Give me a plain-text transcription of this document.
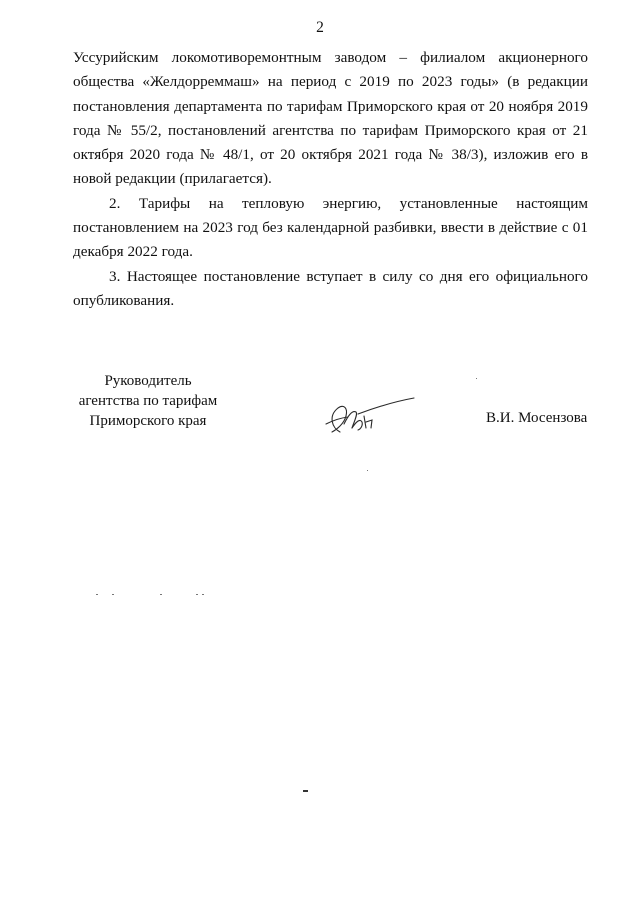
2

Уссурийским локомотиворемонтным заводом – филиалом акционерного общества «Желдорреммаш» на период с 2019 по 2023 годы» (в редакции постановления департамента по тарифам Приморского края от 20 ноября 2019 года № 55/2, постановлений агентства по тарифам Приморского края от 21 октября 2020 года № 48/1, от 20 октября 2021 года № 38/3), изложив его в новой редакции (прилагается).

2. Тарифы на тепловую энергию, установленные настоящим постановлением на 2023 год без календарной разбивки, ввести в действие с 01 декабря 2022 года.

3. Настоящее постановление вступает в силу со дня его официального опубликования.

Руководитель
агентства по тарифам
Приморского края	В.И. Мосензова
